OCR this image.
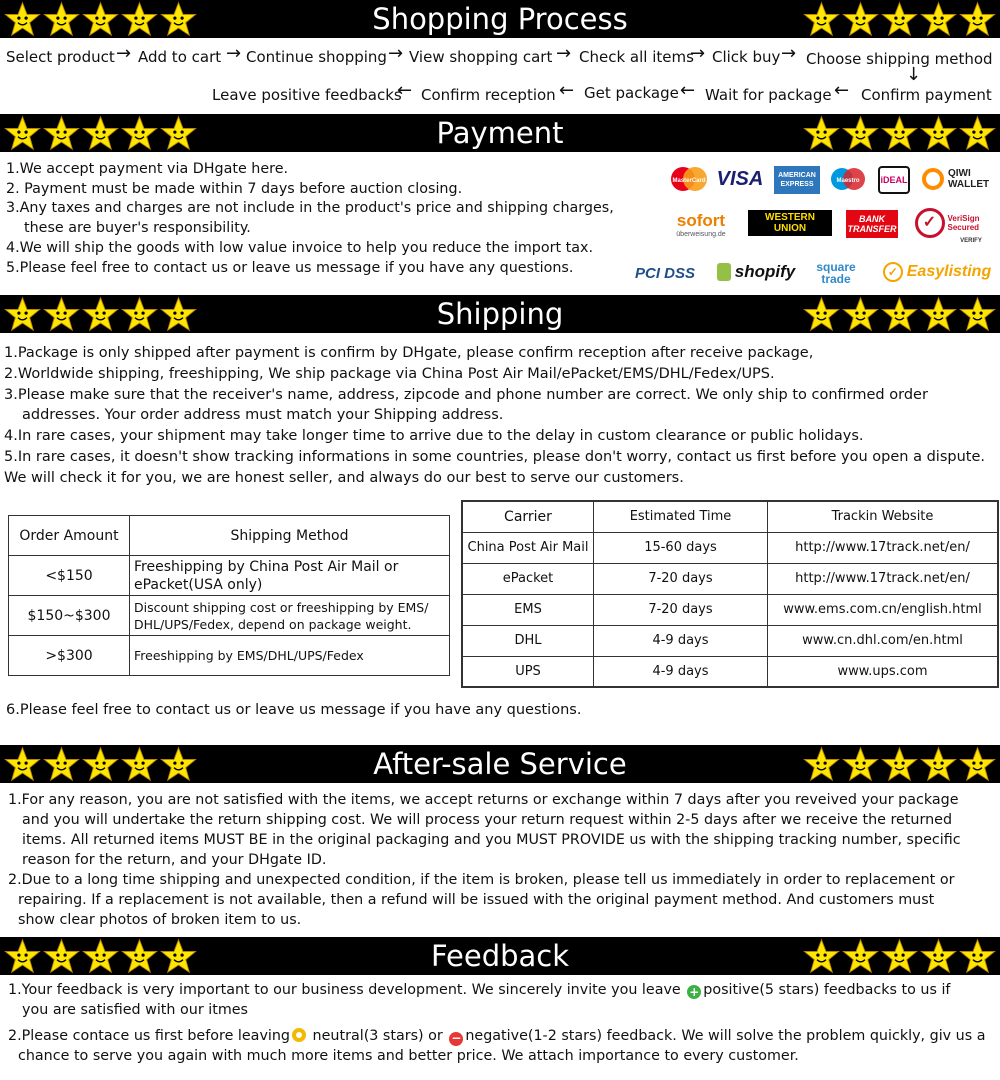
Shopping Process
Select product → Add to cart → Continue shopping → View shopping cart → Check all items
→ Click buy → Choose shipping method
↓
Leave positive feedbacks
← Confirm reception ← Get package ← Wait for package ← Confirm payment
Payment
1.We accept payment via DHgate here.
2. Payment must be made within 7 days before auction closing.
3.Any taxes and charges are not include in the product's price and shipping charges,
these are buyer's responsibility.
4.We will ship the goods with low value invoice to help you reduce the import tax.
5.Please feel free to contact us or leave us message if you have any questions.
MasterCard VISA	AMERICAN EXPRESS	Maestro iDEAL
QIWI WALLET
sofort
überweisung.de
WESTERN UNION
BANK TRANSFER	✓	VeriSign Secured
VERIFY
PCI DSS	shopify	square trade	✓ Easylisting
Shipping
1.Package is only shipped after payment is confirm by DHgate, please confirm reception after receive package,
2.Worldwide shipping, freeshipping, We ship package via China Post Air Mail/ePacket/EMS/DHL/Fedex/UPS.
3.Please make sure that the receiver's name, address, zipcode and phone number are correct. We only ship to confirmed order
addresses. Your order address must match your Shipping address.
4.In rare cases, your shipment may take longer time to arrive due to the delay in custom clearance or public holidays.
5.In rare cases, it doesn't show tracking informations in some countries, please don't worry, contact us first before you open a dispute.
We will check it for you, we are honest seller, and always do our best to serve our customers.
Order Amount	Shipping Method
<$150	Freeshipping by China Post Air Mail or
ePacket(USA only)

$150~$300	Discount shipping cost or freeshipping by EMS/
DHL/UPS/Fedex, depend on package weight.

>$300	Freeshipping by EMS/DHL/UPS/Fedex
Carrier	Estimated Time	Trackin Website
China Post Air Mail	15-60 days	http://www.17track.net/en/
ePacket	7-20 days	http://www.17track.net/en/
EMS	7-20 days	www.ems.com.cn/english.html
DHL	4-9 days	www.cn.dhl.com/en.html
UPS	4-9 days	www.ups.com
6.Please feel free to contact us or leave us message if you have any questions.
After-sale Service
1.For any reason, you are not satisfied with the items, we accept returns or exchange within 7 days after you reveived your package
and you will undertake the return shipping cost. We will process your return request within 2-5 days after we receive the returned
items. All returned items MUST BE in the original packaging and you MUST PROVIDE us with the shipping tracking number, specific
reason for the return, and your DHgate ID.
2.Due to a long time shipping and unexpected condition, if the item is broken, please tell us immediately in order to replacement or
repairing. If a replacement is not available, then a refund will be issued with the original payment method. And customers must
show clear photos of broken item to us.
Feedback
1.Your feedback is very important to our business development. We sincerely invite you leave + positive(5 stars) feedbacks to us if
you are satisfied with our itmes
2.Please contace us first before leaving neutral(3 stars) or − negative(1-2 stars) feedback. We will solve the problem quickly, giv us a
chance to serve you again with much more items and better price. We attach importance to every customer.
